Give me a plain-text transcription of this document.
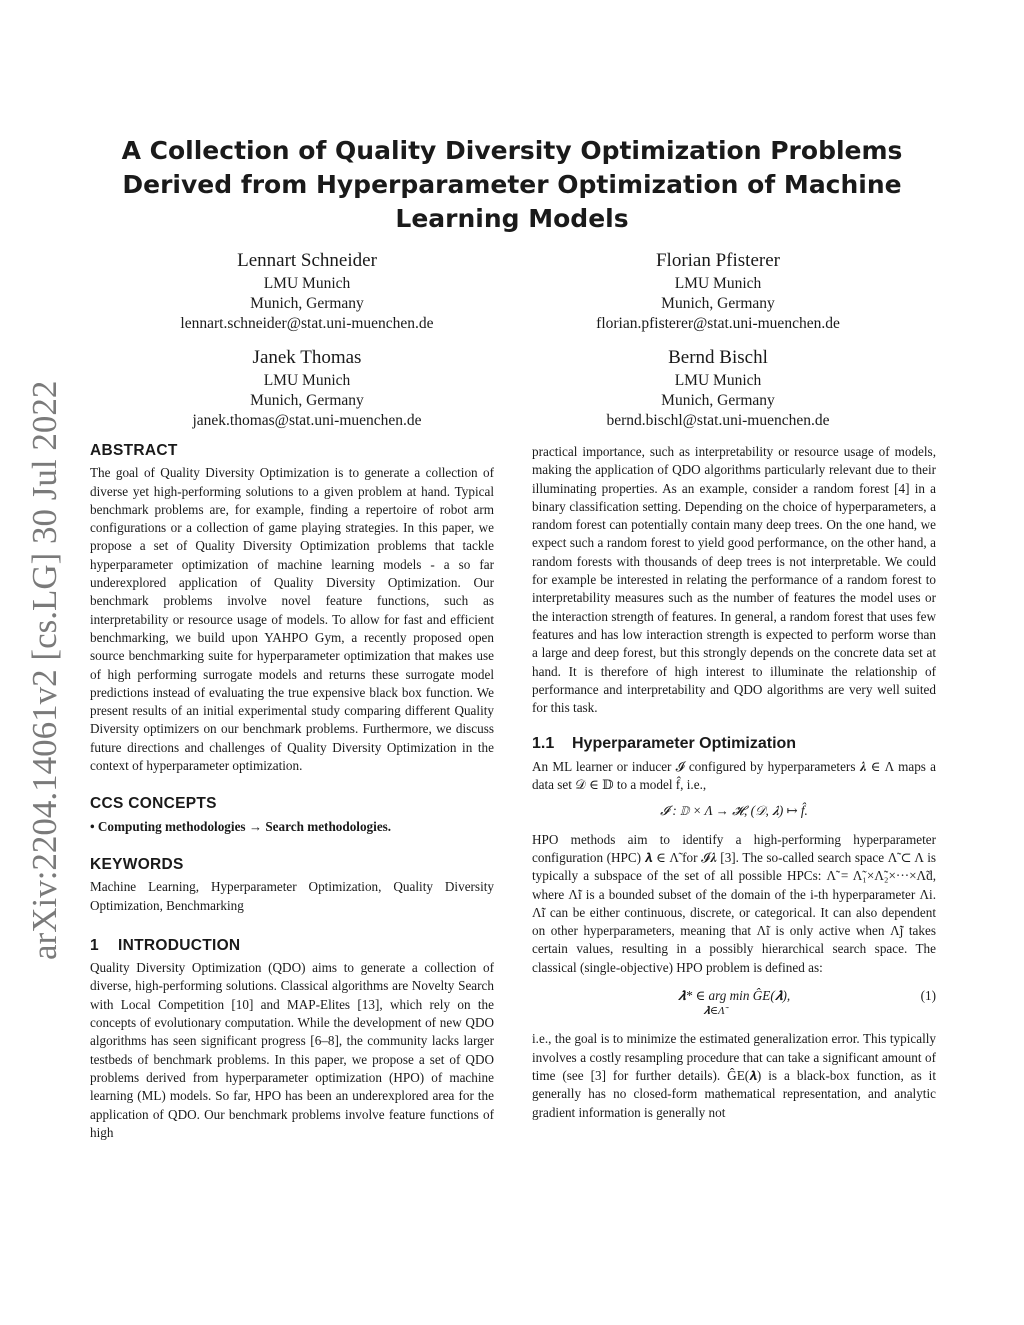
arXiv:2204.14061v2 [cs.LG] 30 Jul 2022
A Collection of Quality Diversity Optimization Problems Derived from Hyperparameter Optimization of Machine Learning Models
Lennart Schneider
LMU Munich
Munich, Germany
lennart.schneider@stat.uni-muenchen.de
Florian Pfisterer
LMU Munich
Munich, Germany
florian.pfisterer@stat.uni-muenchen.de
Janek Thomas
LMU Munich
Munich, Germany
janek.thomas@stat.uni-muenchen.de
Bernd Bischl
LMU Munich
Munich, Germany
bernd.bischl@stat.uni-muenchen.de
ABSTRACT

The goal of Quality Diversity Optimization is to generate a collection of diverse yet high-performing solutions to a given problem at hand. Typical benchmark problems are, for example, finding a repertoire of robot arm configurations or a collection of game playing strategies. In this paper, we propose a set of Quality Diversity Optimization problems that tackle hyperparameter optimization of machine learning models - a so far underexplored application of Quality Diversity Optimization. Our benchmark problems involve novel feature functions, such as interpretability or resource usage of models. To allow for fast and efficient benchmarking, we build upon YAHPO Gym, a recently proposed open source benchmarking suite for hyperparameter optimization that makes use of high performing surrogate models and returns these surrogate model predictions instead of evaluating the true expensive black box function. We present results of an initial experimental study comparing different Quality Diversity optimizers on our benchmark problems. Furthermore, we discuss future directions and challenges of Quality Diversity Optimization in the context of hyperparameter optimization.

CCS CONCEPTS

• Computing methodologies → Search methodologies.

KEYWORDS

Machine Learning, Hyperparameter Optimization, Quality Diversity Optimization, Benchmarking

1 INTRODUCTION

Quality Diversity Optimization (QDO) aims to generate a collection of diverse, high-performing solutions. Classical algorithms are Novelty Search with Local Competition [10] and MAP-Elites [13], which rely on the concepts of evolutionary computation. While the development of new QDO algorithms has seen significant progress [6–8], the community lacks larger testbeds of benchmark problems. In this paper, we propose a set of QDO problems derived from hyperparameter optimization (HPO) of machine learning (ML) models. So far, HPO has been an underexplored area for the application of QDO. Our benchmark problems involve feature functions of high

practical importance, such as interpretability or resource usage of models, making the application of QDO algorithms particularly relevant due to their illuminating properties. As an example, consider a random forest [4] in a binary classification setting. Depending on the choice of hyperparameters, a random forest can potentially contain many deep trees. On the one hand, we expect such a random forest to yield good performance, on the other hand, a random forests with thousands of deep trees is not interpretable. We could for example be interested in relating the performance of a random forest to interpretability measures such as the number of features the model uses or the interaction strength of features. In general, a random forest that uses few features and has low interaction strength is expected to perform worse than a large and deep forest, but this strongly depends on the concrete data set at hand. It is therefore of high interest to illuminate the relationship of performance and interpretability and QDO algorithms are very well suited for this task.

1.1 Hyperparameter Optimization

An ML learner or inducer 𝓘 configured by hyperparameters 𝝀 ∈ Λ maps a data set 𝒟 ∈ 𝔻 to a model f̂, i.e.,

𝓘 : 𝔻 × Λ → 𝓗, (𝒟, 𝝀) ↦ f̂.

HPO methods aim to identify a high-performing hyperparameter configuration (HPC) 𝝀 ∈ Λ̃ for 𝓘𝝀 [3]. The so-called search space Λ̃ ⊂ Λ is typically a subspace of the set of all possible HPCs: Λ̃ = Λ̃₁×Λ̃₂×···×Λ̃d, where Λ̃i is a bounded subset of the domain of the i-th hyperparameter Λi. Λ̃i can be either continuous, discrete, or categorical. It can also dependent on other hyperparameters, meaning that Λ̃i is only active when Λ̃j takes certain values, resulting in a possibly hierarchical search space. The classical (single-objective) HPO problem is defined as:

𝝀* ∈ arg min ĜE(𝝀),
𝝀∈Λ̃
(1)

i.e., the goal is to minimize the estimated generalization error. This typically involves a costly resampling procedure that can take a significant amount of time (see [3] for further details). ĜE(𝝀) is a black-box function, as it generally has no closed-form mathematical representation, and analytic gradient information is generally not
